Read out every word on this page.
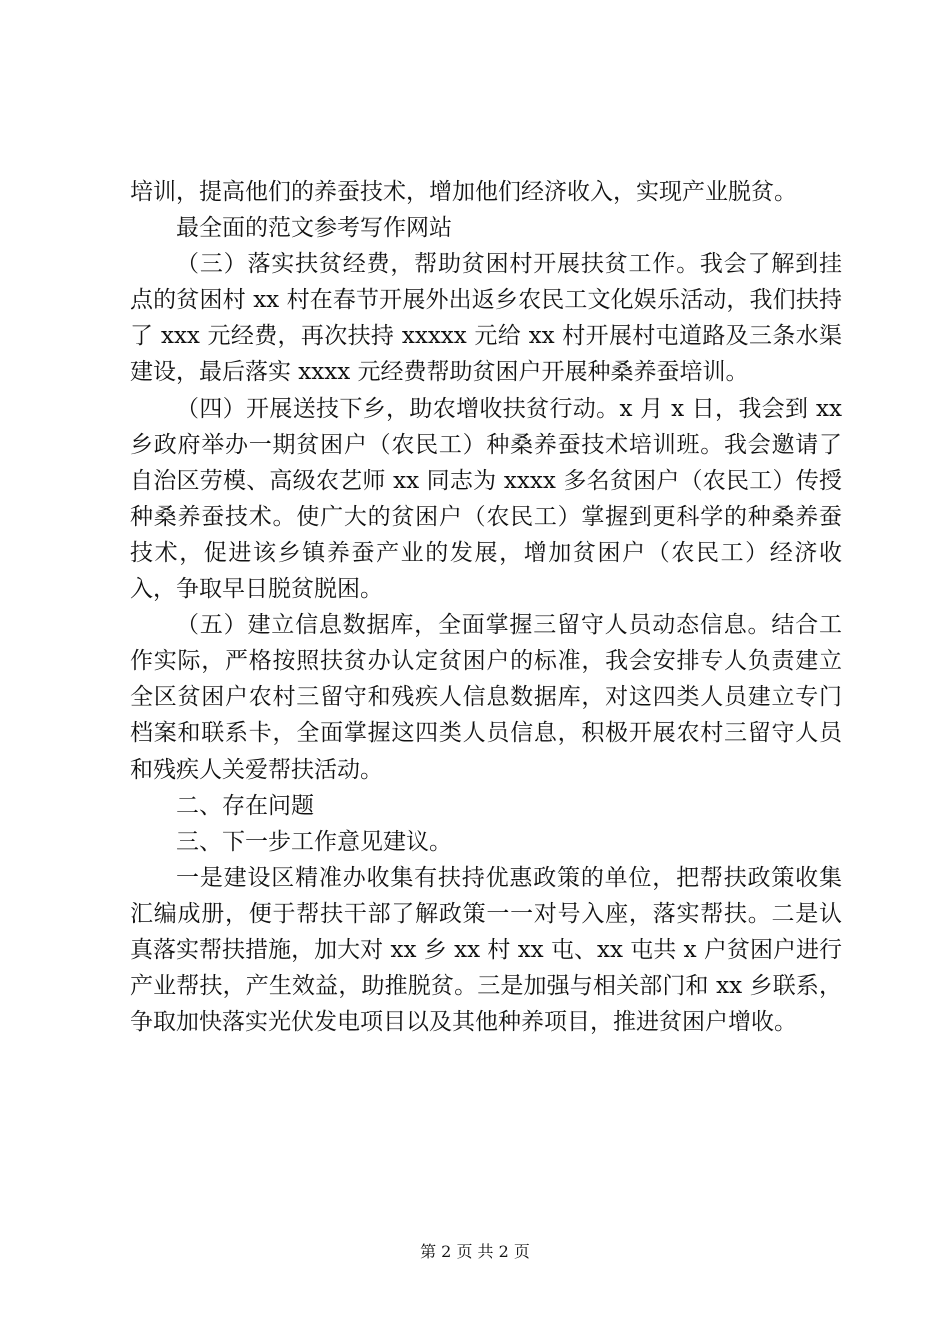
培训，提高他们的养蚕技术，增加他们经济收入，实现产业脱贫。

最全面的范文参考写作网站

（三）落实扶贫经费，帮助贫困村开展扶贫工作。我会了解到挂点的贫困村 xx 村在春节开展外出返乡农民工文化娱乐活动，我们扶持了 xxx 元经费，再次扶持 xxxxx 元给 xx 村开展村屯道路及三条水渠建设，最后落实 xxxx 元经费帮助贫困户开展种桑养蚕培训。

（四）开展送技下乡，助农增收扶贫行动。x 月 x 日，我会到 xx 乡政府举办一期贫困户（农民工）种桑养蚕技术培训班。我会邀请了自治区劳模、高级农艺师 xx 同志为 xxxx 多名贫困户（农民工）传授种桑养蚕技术。使广大的贫困户（农民工）掌握到更科学的种桑养蚕技术，促进该乡镇养蚕产业的发展，增加贫困户（农民工）经济收入，争取早日脱贫脱困。

（五）建立信息数据库，全面掌握三留守人员动态信息。结合工作实际，严格按照扶贫办认定贫困户的标准，我会安排专人负责建立全区贫困户农村三留守和残疾人信息数据库，对这四类人员建立专门档案和联系卡，全面掌握这四类人员信息，积极开展农村三留守人员和残疾人关爱帮扶活动。

二、存在问题

三、下一步工作意见建议。

一是建设区精准办收集有扶持优惠政策的单位，把帮扶政策收集汇编成册，便于帮扶干部了解政策一一对号入座，落实帮扶。二是认真落实帮扶措施，加大对 xx 乡 xx 村 xx 屯、xx 屯共 x 户贫困户进行产业帮扶，产生效益，助推脱贫。三是加强与相关部门和 xx 乡联系，争取加快落实光伏发电项目以及其他种养项目，推进贫困户增收。

第 2 页 共 2 页
